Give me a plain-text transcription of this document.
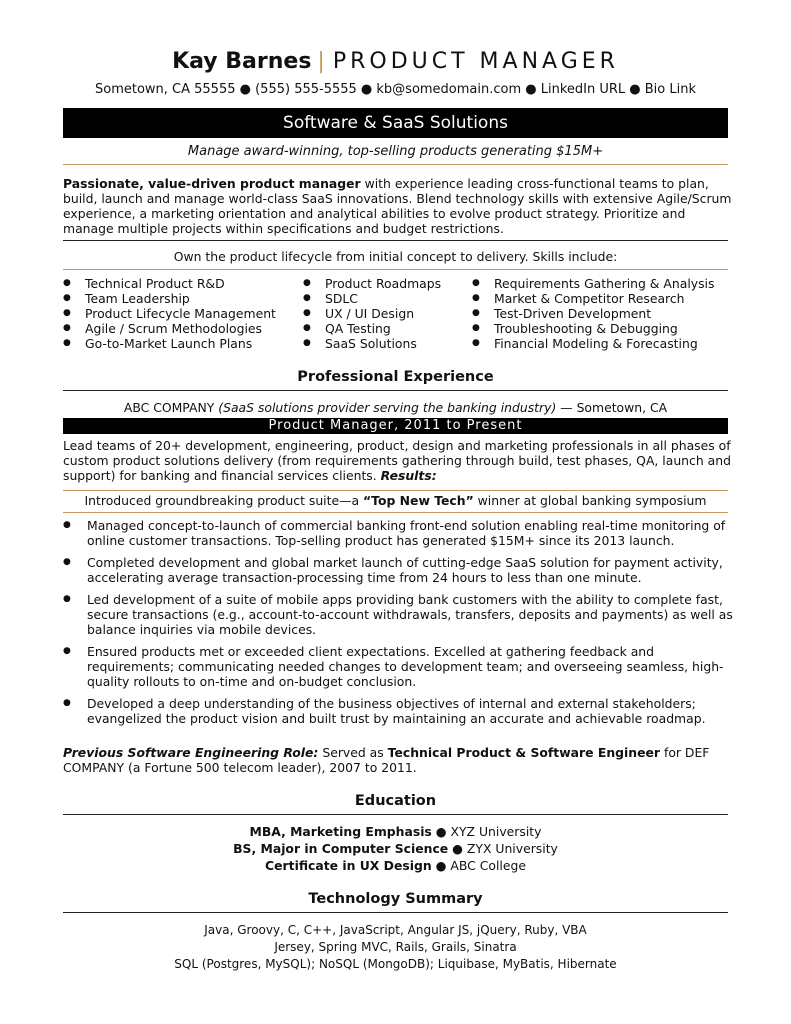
Kay Barnes | PRODUCT MANAGER
Sometown, CA 55555 ● (555) 555-5555 ● kb@somedomain.com ● LinkedIn URL ● Bio Link
Software & SaaS Solutions
Manage award-winning, top-selling products generating $15M+
Passionate, value-driven product manager with experience leading cross-functional teams to plan, build, launch and manage world-class SaaS innovations. Blend technology skills with extensive Agile/Scrum experience, a marketing orientation and analytical abilities to evolve product strategy. Prioritize and manage multiple projects within specifications and budget restrictions.
Own the product lifecycle from initial concept to delivery. Skills include:
● Technical Product R&D
● Team Leadership
● Product Lifecycle Management
● Agile / Scrum Methodologies
● Go-to-Market Launch Plans
● Product Roadmaps
● SDLC
● UX / UI Design
● QA Testing
● SaaS Solutions
● Requirements Gathering & Analysis
● Market & Competitor Research
● Test-Driven Development
● Troubleshooting & Debugging
● Financial Modeling & Forecasting
Professional Experience
ABC COMPANY (SaaS solutions provider serving the banking industry) — Sometown, CA
Product Manager, 2011 to Present
Lead teams of 20+ development, engineering, product, design and marketing professionals in all phases of custom product solutions delivery (from requirements gathering through build, test phases, QA, launch and support) for banking and financial services clients. Results:
Introduced groundbreaking product suite—a “Top New Tech” winner at global banking symposium
● Managed concept-to-launch of commercial banking front-end solution enabling real-time monitoring of online customer transactions. Top-selling product has generated $15M+ since its 2013 launch.
● Completed development and global market launch of cutting-edge SaaS solution for payment activity, accelerating average transaction-processing time from 24 hours to less than one minute.
● Led development of a suite of mobile apps providing bank customers with the ability to complete fast, secure transactions (e.g., account-to-account withdrawals, transfers, deposits and payments) as well as balance inquiries via mobile devices.
● Ensured products met or exceeded client expectations. Excelled at gathering feedback and requirements; communicating needed changes to development team; and overseeing seamless, high-quality rollouts to on-time and on-budget conclusion.
● Developed a deep understanding of the business objectives of internal and external stakeholders; evangelized the product vision and built trust by maintaining an accurate and achievable roadmap.
Previous Software Engineering Role: Served as Technical Product & Software Engineer for DEF COMPANY (a Fortune 500 telecom leader), 2007 to 2011.
Education
MBA, Marketing Emphasis ● XYZ University
BS, Major in Computer Science ● ZYX University
Certificate in UX Design ● ABC College
Technology Summary
Java, Groovy, C, C++, JavaScript, Angular JS, jQuery, Ruby, VBA
Jersey, Spring MVC, Rails, Grails, Sinatra
SQL (Postgres, MySQL); NoSQL (MongoDB); Liquibase, MyBatis, Hibernate
